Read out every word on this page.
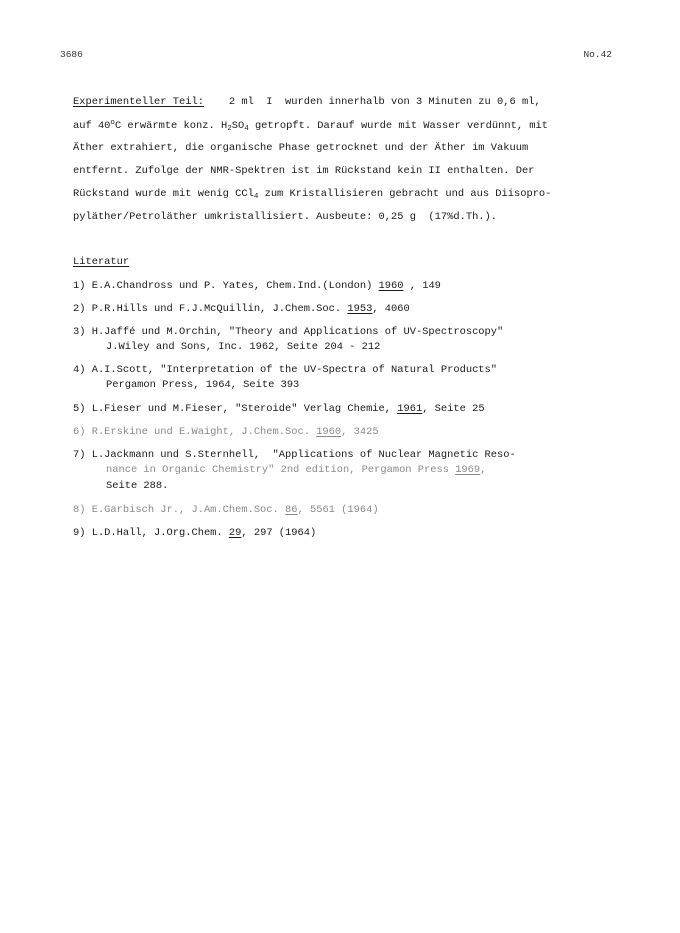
3686	No.42
Experimenteller Teil:    2 ml  I  wurden innerhalb von 3 Minuten zu 0,6 ml,
auf 40$^o$C erwärmte konz. $H_2SO_4$ getropft. Darauf wurde mit Wasser verdünnt, mit
Äther extrahiert, die organische Phase getrocknet und der Äther im Vakuum
entfernt. Zufolge der NMR-Spektren ist im Rückstand kein II enthalten. Der
Rückstand wurde mit wenig CCl$_4$ zum Kristallisieren gebracht und aus Diisopro-
pyläther/Petroläther umkristallisiert. Ausbeute: 0,25 g  (17%d.Th.).
Literatur
1) E.A.Chandross und P. Yates, Chem.Ind.(London) 1960 , 149
2) P.R.Hills und F.J.McQuillin, J.Chem.Soc. 1953, 4060
3) H.Jaffé und M.Orchin, "Theory and Applications of UV-Spectroscopy"
J.Wiley and Sons, Inc. 1962, Seite 204 - 212
4) A.I.Scott, "Interpretation of the UV-Spectra of Natural Products"
Pergamon Press, 1964, Seite 393
5) L.Fieser und M.Fieser, "Steroide" Verlag Chemie, 1961, Seite 25
6) R.Erskine und E.Waight, J.Chem.Soc. 1960, 3425
7) L.Jackmann und S.Sternhell,  "Applications of Nuclear Magnetic Reso-

nance in Organic Chemistry" 2nd edition, Pergamon Press 1969,

Seite 288.

8) E.Garbisch Jr., J.Am.Chem.Soc. 86, 5561 (1964)
9) L.D.Hall, J.Org.Chem. 29, 297 (1964)
